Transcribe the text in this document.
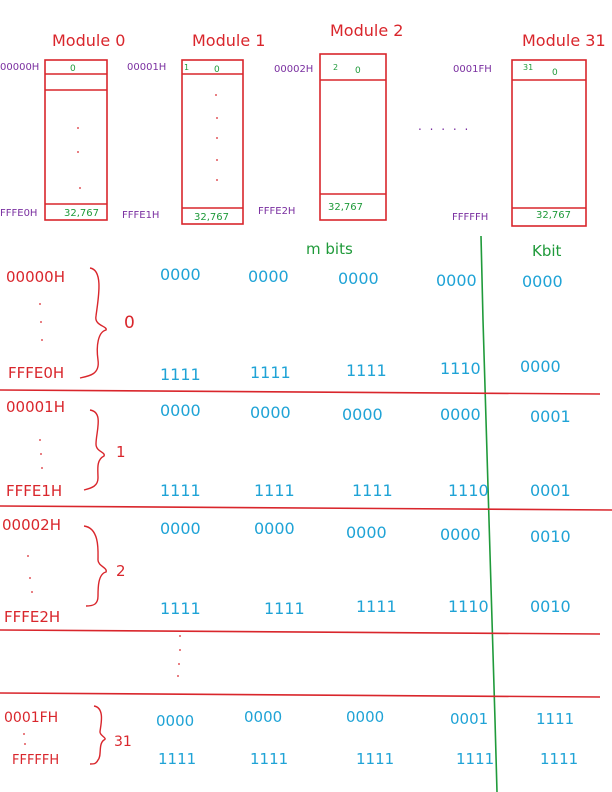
Module 0
0
32,767
00000H
FFFE0H
Module 1
1	0
32,767
00001H
FFFE1H
Module 2
2 0
32,767
00002H
FFFE2H
. . . . .
Module 31
31
0
32,767
0001FH
FFFFFH
m bits	Kbit
00000H
FFFE0H
0
0000	0000	0000	0000	0000
1111	1111	1111	1110 0000
00001H
FFFE1H
1
0000	0000	0000	0000	0001
1111	1111	1111	1110	0001
00002H
FFFE2H
2
0000	0000	0000	0000	0010
1111	1111	1111	1110	0010
0001FH
FFFFFH
31
0000	0000	0000	0001	1111
1111	1111	1111	1111	1111
